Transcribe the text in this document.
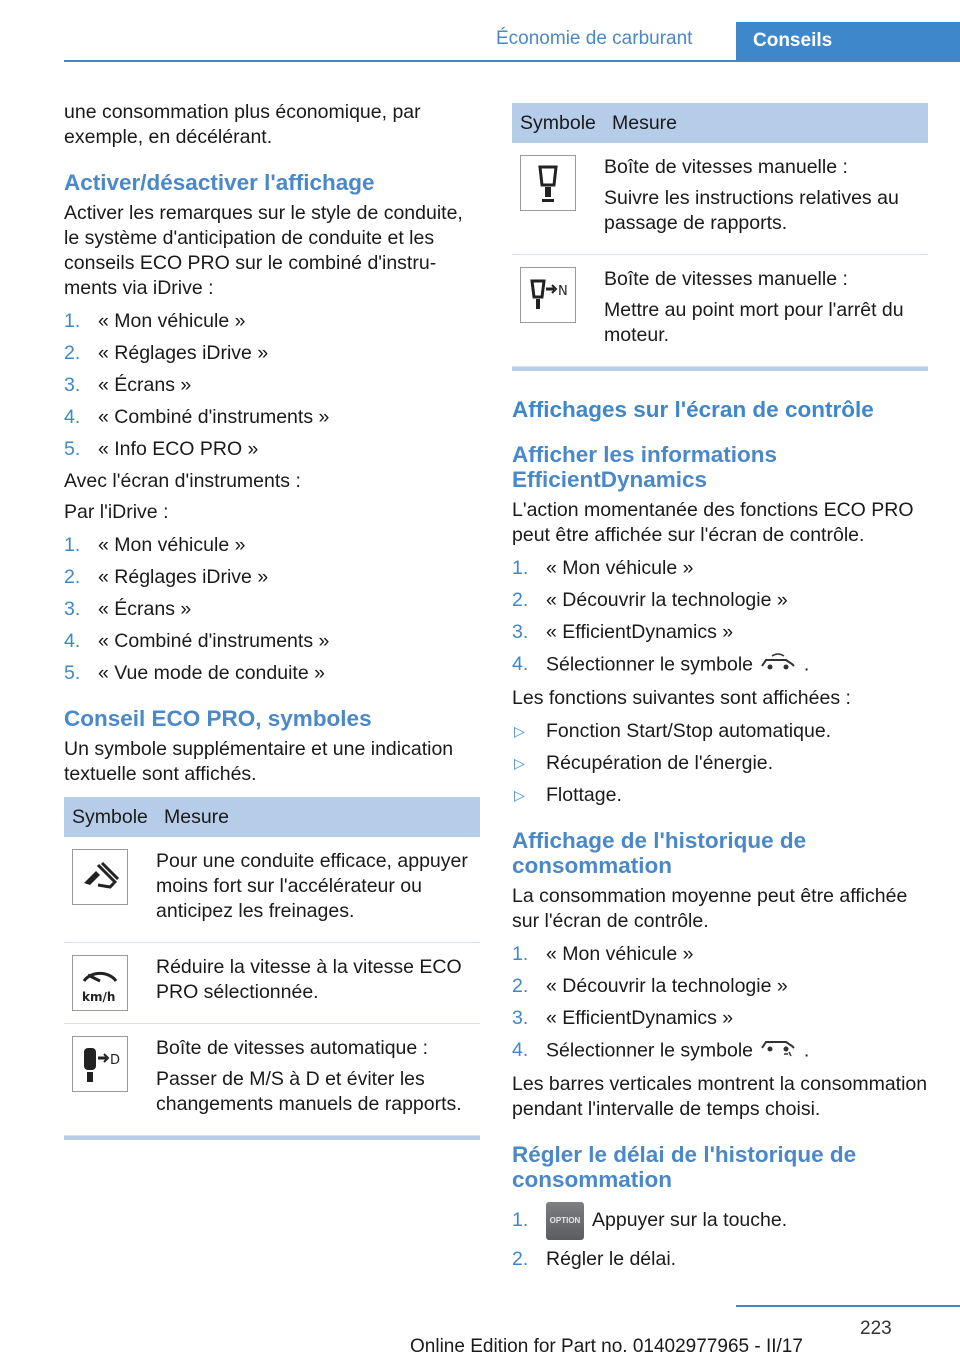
Économie de carburant	Conseils

une consommation plus économique, par exemple, en décélérant.

Activer/désactiver l'affichage

Activer les remarques sur le style de conduite, le système d'anticipation de conduite et les conseils ECO PRO sur le combiné d'instruments via iDrive :

1. « Mon véhicule »
2. « Réglages iDrive »
3. « Écrans »
4. « Combiné d'instruments »
5. « Info ECO PRO »

Avec l'écran d'instruments :

Par l'iDrive :

1. « Mon véhicule »
2. « Réglages iDrive »
3. « Écrans »
4. « Combiné d'instruments »
5. « Vue mode de conduite »
Conseil ECO PRO, symboles

Un symbole supplémentaire et une indication textuelle sont affichés.

Symbole	Mesure

Pour une conduite efficace, appuyer moins fort sur l'accélérateur ou anticipez les freinages.

km/h	Réduire la vitesse à la vitesse ECO PRO sélectionnée.

D	Boîte de vitesses automatique :

Passer de M/S à D et éviter les changements manuels de rapports.

Symbole	Mesure

Boîte de vitesses manuelle :

Suivre les instructions relatives au passage de rapports.

N	Boîte de vitesses manuelle :

Mettre au point mort pour l'arrêt du moteur.

Affichages sur l'écran de contrôle
Afficher les informations EfficientDynamics

L'action momentanée des fonctions ECO PRO peut être affichée sur l'écran de contrôle.

1. « Mon véhicule »
2. « Découvrir la technologie »
3. « EfficientDynamics »
4. Sélectionner le symbole  .

Les fonctions suivantes sont affichées :

▷ Fonction Start/Stop automatique.
▷ Récupération de l'énergie.
▷ Flottage.
Affichage de l'historique de consommation

La consommation moyenne peut être affichée sur l'écran de contrôle.

1. « Mon véhicule »
2. « Découvrir la technologie »
3. « EfficientDynamics »
4. Sélectionner le symbole  .

Les barres verticales montrent la consommation pendant l'intervalle de temps choisi.

Régler le délai de l'historique de consommation
1.	OPTION Appuyer sur la touche.
2. Régler le délai.
223
Online Edition for Part no. 01402977965 - II/17
